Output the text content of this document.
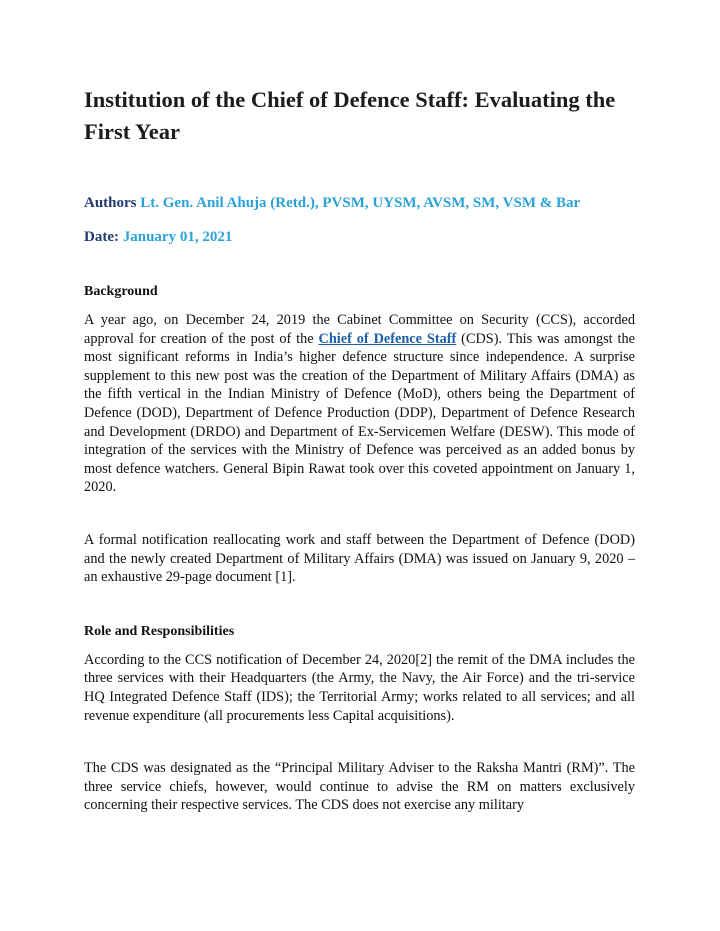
Institution of the Chief of Defence Staff: Evaluating the First Year
Authors Lt. Gen. Anil Ahuja (Retd.), PVSM, UYSM, AVSM, SM, VSM & Bar
Date: January 01, 2021
Background

A year ago, on December 24, 2019 the Cabinet Committee on Security (CCS), accorded approval for creation of the post of the Chief of Defence Staff (CDS). This was amongst the most significant reforms in India’s higher defence structure since independence. A surprise supplement to this new post was the creation of the Department of Military Affairs (DMA) as the fifth vertical in the Indian Ministry of Defence (MoD), others being the Department of Defence (DOD), Department of Defence Production (DDP), Department of Defence Research and Development (DRDO) and Department of Ex-Servicemen Welfare (DESW). This mode of integration of the services with the Ministry of Defence was perceived as an added bonus by most defence watchers. General Bipin Rawat took over this coveted appointment on January 1, 2020.

A formal notification reallocating work and staff between the Department of Defence (DOD) and the newly created Department of Military Affairs (DMA) was issued on January 9, 2020 – an exhaustive 29-page document [1].

Role and Responsibilities

According to the CCS notification of December 24, 2020[2] the remit of the DMA includes the three services with their Headquarters (the Army, the Navy, the Air Force) and the tri-service HQ Integrated Defence Staff (IDS); the Territorial Army; works related to all services; and all revenue expenditure (all procurements less Capital acquisitions).

The CDS was designated as the “Principal Military Adviser to the Raksha Mantri (RM)”. The three service chiefs, however, would continue to advise the RM on matters exclusively concerning their respective services. The CDS does not exercise any military
